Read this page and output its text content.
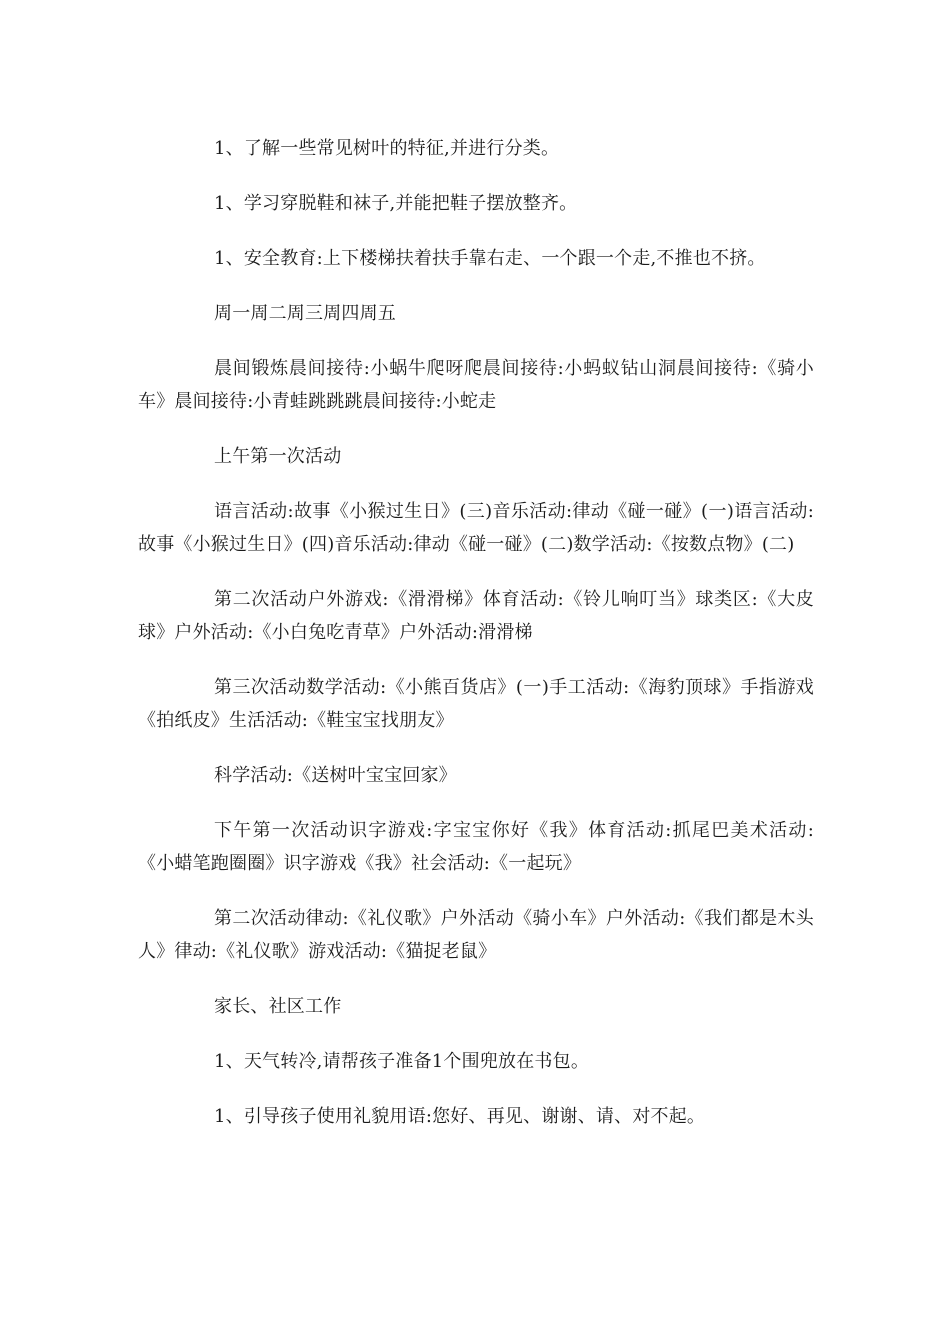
1、了解一些常见树叶的特征,并进行分类。

1、学习穿脱鞋和袜子,并能把鞋子摆放整齐。

1、安全教育:上下楼梯扶着扶手靠右走、一个跟一个走,不推也不挤。

周一周二周三周四周五

晨间锻炼晨间接待:小蜗牛爬呀爬晨间接待:小蚂蚁钻山洞晨间接待:《骑小车》晨间接待:小青蛙跳跳跳晨间接待:小蛇走

上午第一次活动

语言活动:故事《小猴过生日》(三)音乐活动:律动《碰一碰》(一)语言活动:故事《小猴过生日》(四)音乐活动:律动《碰一碰》(二)数学活动:《按数点物》(二)

第二次活动户外游戏:《滑滑梯》体育活动:《铃儿响叮当》球类区:《大皮球》户外活动:《小白兔吃青草》户外活动:滑滑梯

第三次活动数学活动:《小熊百货店》(一)手工活动:《海豹顶球》手指游戏《拍纸皮》生活活动:《鞋宝宝找朋友》

科学活动:《送树叶宝宝回家》

下午第一次活动识字游戏:字宝宝你好《我》体育活动:抓尾巴美术活动:《小蜡笔跑圈圈》识字游戏《我》社会活动:《一起玩》

第二次活动律动:《礼仪歌》户外活动《骑小车》户外活动:《我们都是木头人》律动:《礼仪歌》游戏活动:《猫捉老鼠》

家长、社区工作

1、天气转冷,请帮孩子准备1个围兜放在书包。

1、引导孩子使用礼貌用语:您好、再见、谢谢、请、对不起。
